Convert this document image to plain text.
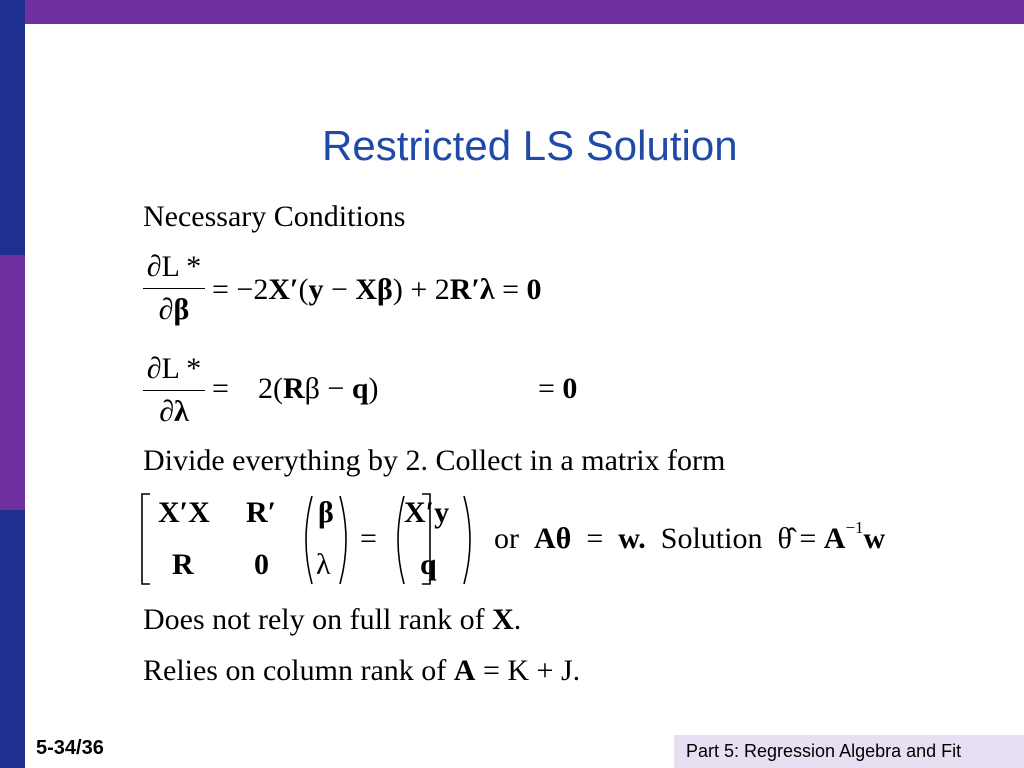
Restricted LS Solution
Necessary Conditions
∂L *
∂β
= −2X′(y − Xβ) + 2R′λ = 0
∂L *
∂λ
= 2(Rβ − q)	= 0
Divide everything by 2. Collect in a matrix form
X′X R′
R 0
β
λ
=
X′y
q
or Aθ = w. Solution θ̂ = $A^{-1}w$
Does not rely on full rank of X.
Relies on column rank of A = K + J.
5-34/36	Part 5: Regression Algebra and Fit
